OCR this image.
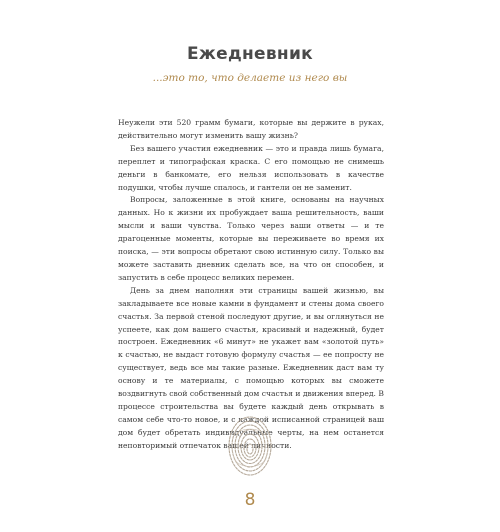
Ежедневник
...это то, что делаете из него вы

Неужели эти 520 грамм бумаги, которые вы держите в руках, действительно могут изменить вашу жизнь?

Без вашего участия ежедневник — это и правда лишь бумага, переплет и типографская краска. С его помощью не снимешь деньги в банкомате, его нельзя использовать в качестве подушки, чтобы лучше спалось, и гантели он не заменит.

Вопросы, заложенные в этой книге, основаны на научных данных. Но к жизни их пробуждает ваша решительность, ваши мысли и ваши чувства. Только через ваши ответы — и те драгоценные моменты, которые вы переживаете во время их поиска, — эти вопросы обретают свою истинную силу. Только вы можете заставить дневник сделать все, на что он способен, и запустить в себе процесс великих перемен.

День за днем наполняя эти страницы вашей жизнью, вы закладываете все новые камни в фундамент и стены дома своего счастья. За первой стеной последуют другие, и вы оглянуться не успеете, как дом вашего счастья, красивый и надежный, будет построен. Ежедневник «6 минут» не укажет вам «золотой путь» к счастью, не выдаст готовую формулу счастья — ее попросту не существует, ведь все мы такие разные. Ежедневник даст вам ту основу и те материалы, с помощью которых вы сможете воздвигнуть свой собственный дом счастья и движения вперед. В процессе строительства вы будете каждый день открывать в самом себе что-то новое, и с каждой исписанной страницей ваш дом будет обретать индивидуальные черты, на нем останется неповторимый отпечаток вашей личности.

8
